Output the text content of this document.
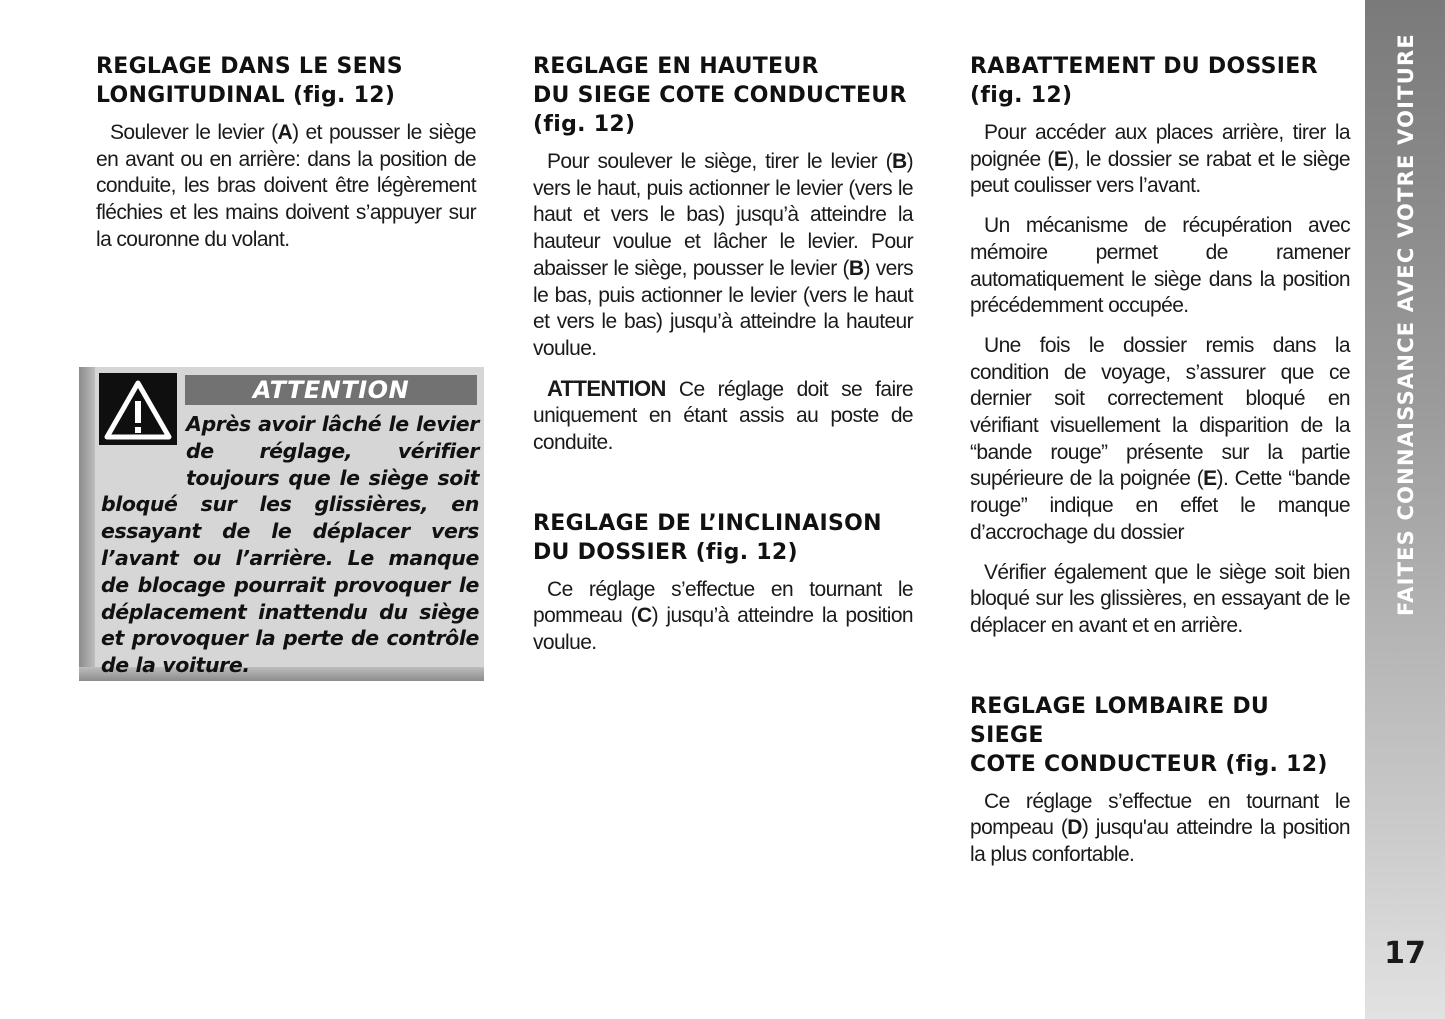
REGLAGE DANS LE SENS LONGITUDINAL (fig. 12)

Soulever le levier (A) et pousser le siège en avant ou en arrière: dans la position de conduite, les bras doivent être légèrement fléchies et les mains doivent s’appuyer sur la couronne du volant.

ATTENTION
Après avoir lâché le levier de réglage, vérifier toujours que le siège soit bloqué sur les glissières, en essayant de le déplacer vers l’avant ou l’arrière. Le manque de blocage pourrait provoquer le déplacement inattendu du siège et provoquer la perte de contrôle de la voiture.
REGLAGE EN HAUTEUR
DU SIEGE COTE CONDUCTEUR
(fig. 12)

Pour soulever le siège, tirer le levier (B) vers le haut, puis actionner le levier (vers le haut et vers le bas) jusqu’à atteindre la hauteur voulue et lâcher le levier. Pour abaisser le siège, pousser le levier (B) vers le bas, puis actionner le levier (vers le haut et vers le bas) jusqu’à atteindre la hauteur voulue.

ATTENTION Ce réglage doit se faire uniquement en étant assis au poste de conduite.

REGLAGE DE L’INCLINAISON
DU DOSSIER (fig. 12)

Ce réglage s’effectue en tournant le pommeau (C) jusqu’à atteindre la position voulue.

RABATTEMENT DU DOSSIER
(fig. 12)

Pour accéder aux places arrière, tirer la poignée (E), le dossier se rabat et le siège peut coulisser vers l’avant.

Un mécanisme de récupération avec mémoire permet de ramener automatiquement le siège dans la position précédemment occupée.

Une fois le dossier remis dans la condition de voyage, s’assurer que ce dernier soit correctement bloqué en vérifiant visuellement la disparition de la “bande rouge” présente sur la partie supérieure de la poignée (E). Cette “bande rouge” indique en effet le manque d’accrochage du dossier

Vérifier également que le siège soit bien bloqué sur les glissières, en essayant de le déplacer en avant et en arrière.

REGLAGE LOMBAIRE DU SIEGE
COTE CONDUCTEUR (fig. 12)

Ce réglage s’effectue en tournant le pompeau (D) jusqu'au atteindre la position la plus confortable.

FAITES CONNAISSANCE AVEC VOTRE VOITURE
17
